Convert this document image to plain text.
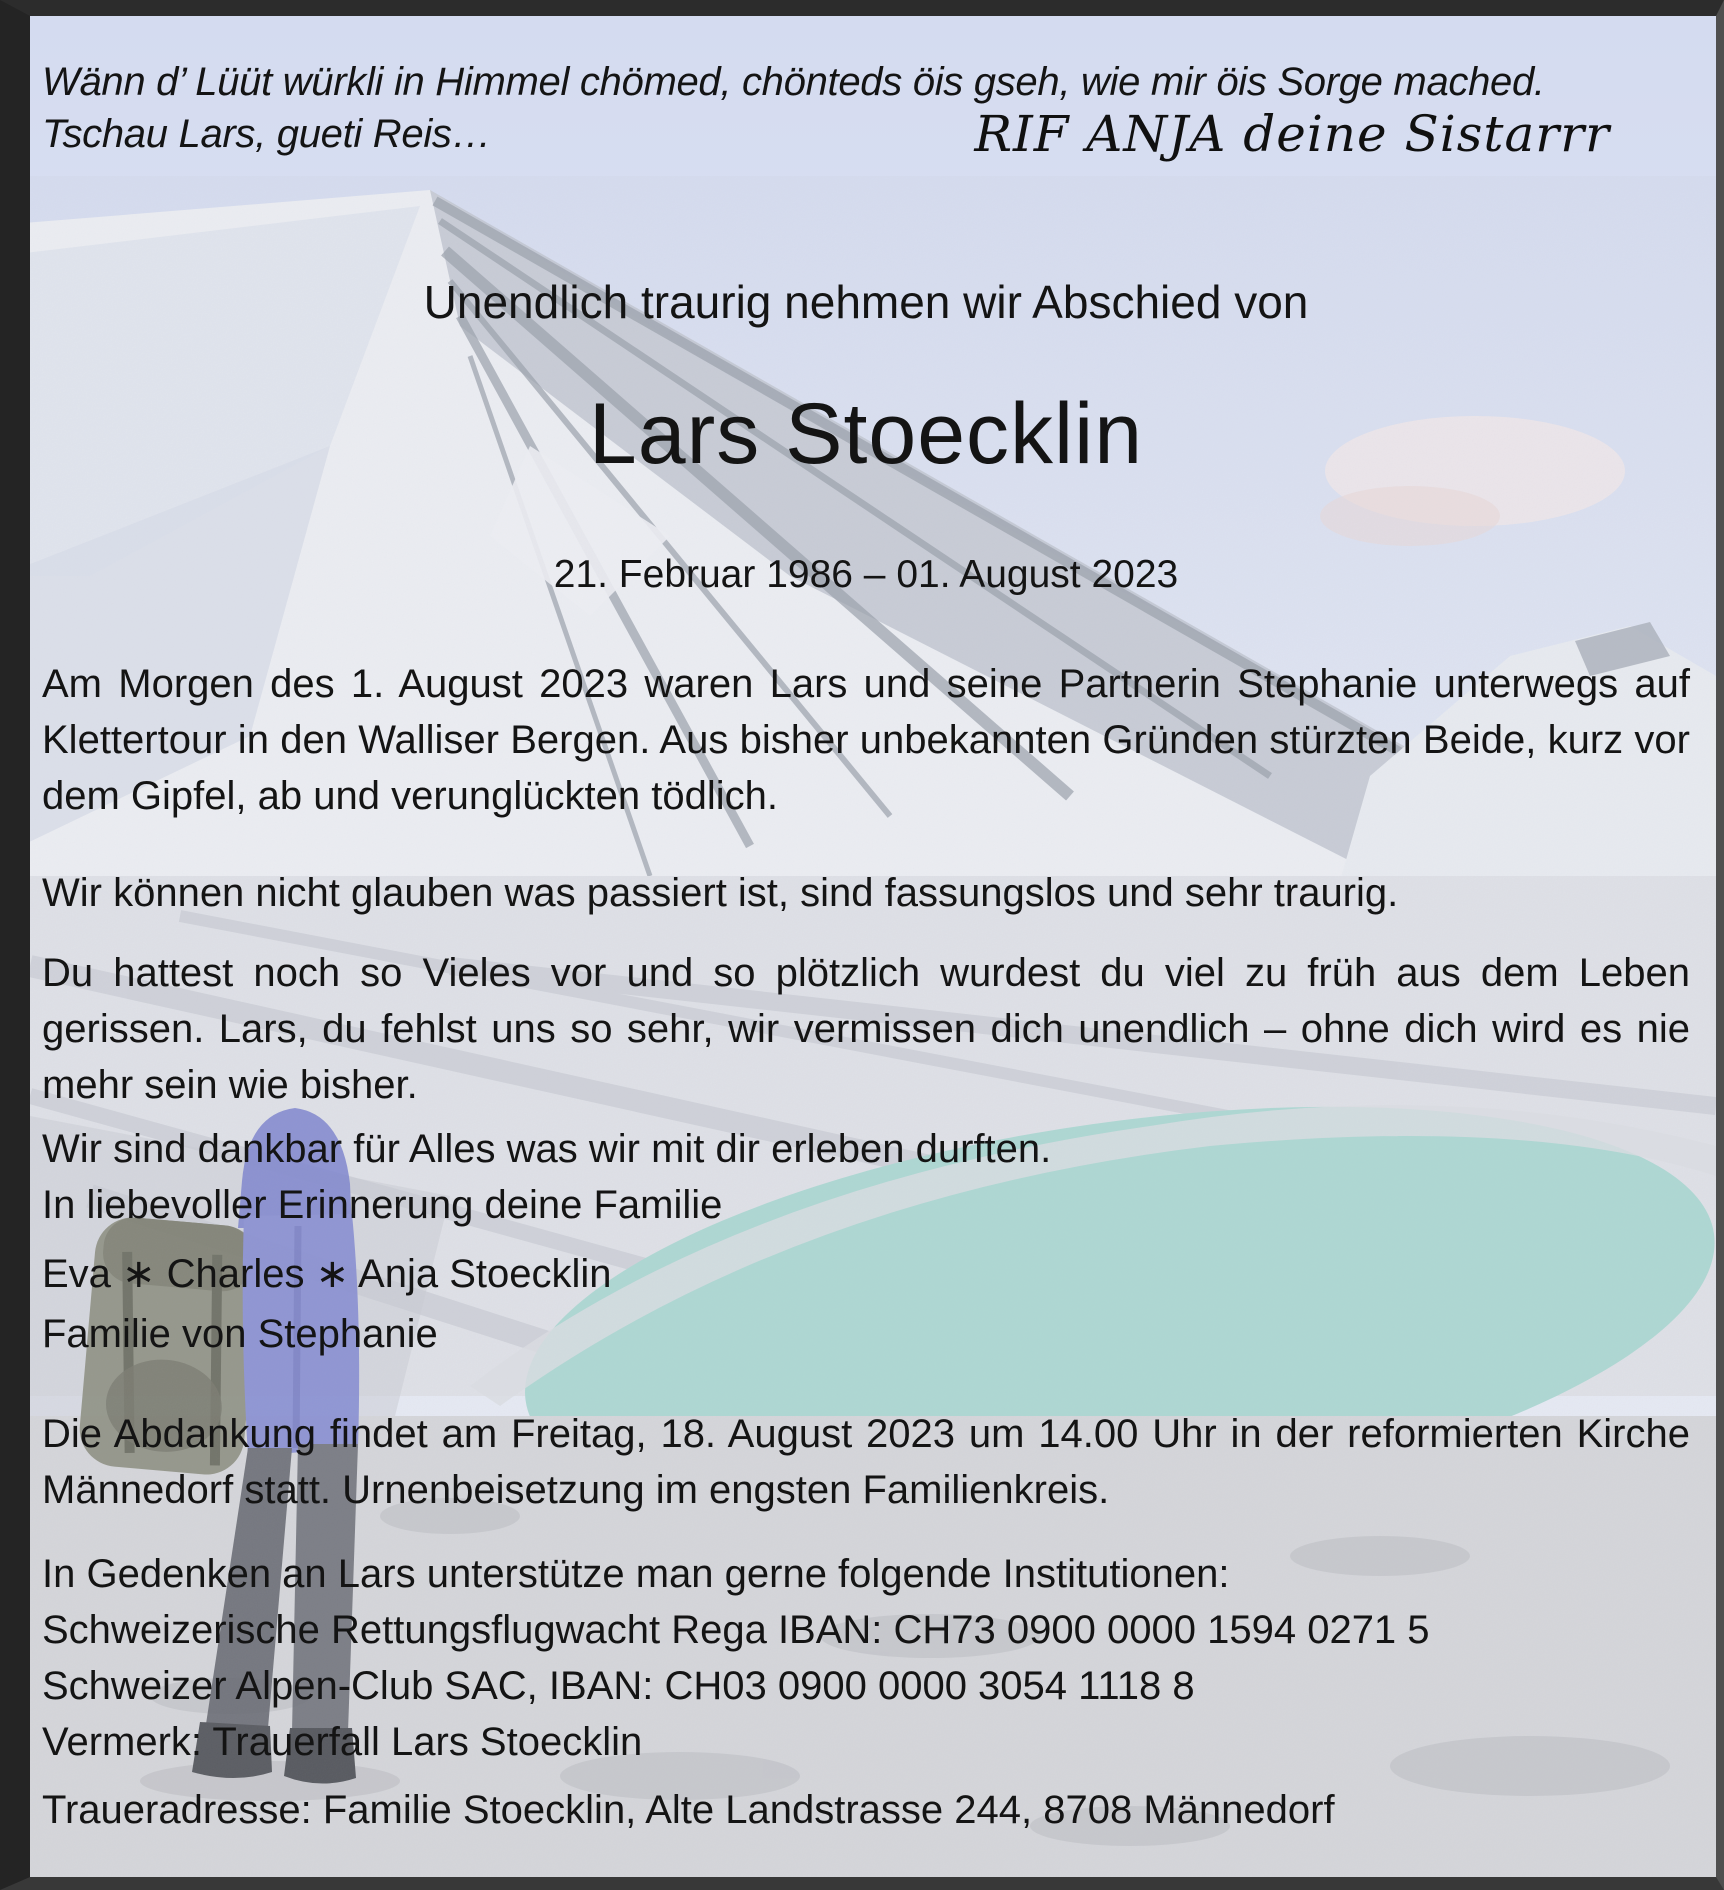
Wänn d’ Lüüt würkli in Himmel chömed, chönteds öis gseh, wie mir öis Sorge mached.
Tschau Lars, gueti Reis…	RIF ANJA deine Sistarrr
Unendlich traurig nehmen wir Abschied von
Lars Stoecklin
21. Februar 1986 – 01. August 2023
Am Morgen des 1. August 2023 waren Lars und seine Partnerin Stephanie unterwegs auf Klettertour in den Walliser Bergen. Aus bisher unbekannten Gründen stürzten Beide, kurz vor dem Gipfel, ab und verunglückten tödlich.
Wir können nicht glauben was passiert ist, sind fassungslos und sehr traurig.
Du hattest noch so Vieles vor und so plötzlich wurdest du viel zu früh aus dem Leben gerissen. Lars, du fehlst uns so sehr, wir vermissen dich unendlich – ohne dich wird es nie mehr sein wie bisher.
Wir sind dankbar für Alles was wir mit dir erleben durften.
In liebevoller Erinnerung deine Familie
Eva ∗ Charles ∗ Anja Stoecklin
Familie von Stephanie
Die Abdankung findet am Freitag, 18. August 2023 um 14.00 Uhr in der reformierten Kirche Männedorf statt. Urnenbeisetzung im engsten Familienkreis.
In Gedenken an Lars unterstütze man gerne folgende Institutionen:
Schweizerische Rettungsflugwacht Rega IBAN: CH73 0900 0000 1594 0271 5
Schweizer Alpen-Club SAC, IBAN: CH03 0900 0000 3054 1118 8
Vermerk: Trauerfall Lars Stoecklin
Traueradresse: Familie Stoecklin, Alte Landstrasse 244, 8708 Männedorf
